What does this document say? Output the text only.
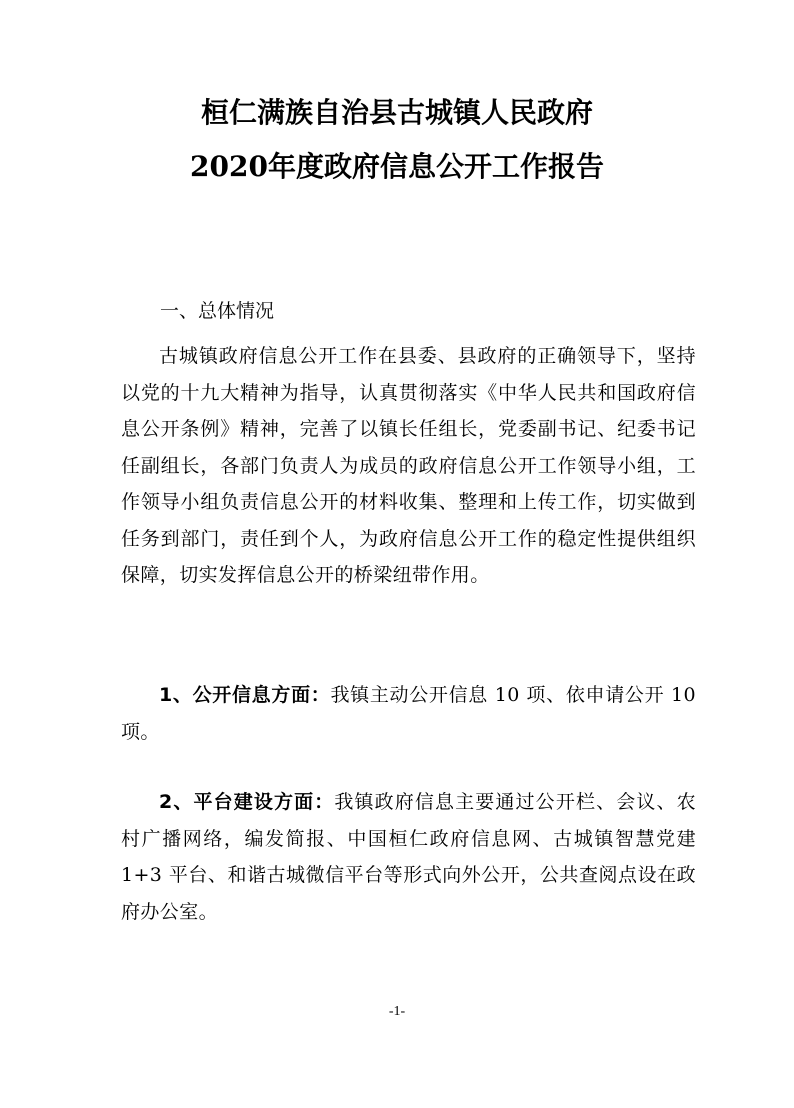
桓仁满族自治县古城镇人民政府
2020年度政府信息公开工作报告
一、总体情况
古城镇政府信息公开工作在县委、县政府的正确领导下，坚持以党的十九大精神为指导，认真贯彻落实《中华人民共和国政府信息公开条例》精神，完善了以镇长任组长，党委副书记、纪委书记任副组长，各部门负责人为成员的政府信息公开工作领导小组，工作领导小组负责信息公开的材料收集、整理和上传工作，切实做到任务到部门，责任到个人，为政府信息公开工作的稳定性提供组织保障，切实发挥信息公开的桥梁纽带作用。
1、公开信息方面：我镇主动公开信息 10 项、依申请公开 10 项。
2、平台建设方面：我镇政府信息主要通过公开栏、会议、农村广播网络，编发简报、中国桓仁政府信息网、古城镇智慧党建 1+3 平台、和谐古城微信平台等形式向外公开，公共查阅点设在政府办公室。
-1-
